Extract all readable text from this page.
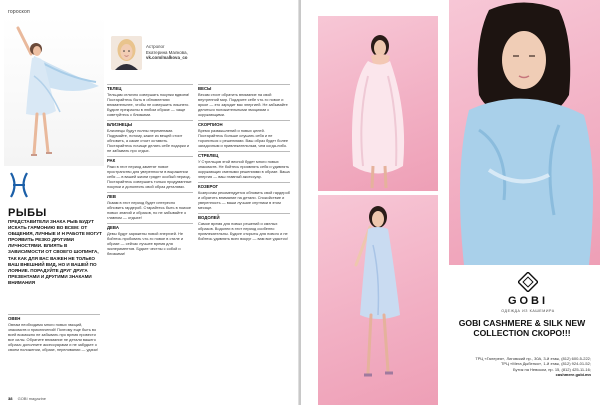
гороскоп
Астролог
Екатерина Малкова,
vk.com/malkova_co
РЫБЫ
ПРЕДСТАВИТЕЛИ ЗНАКА РЫБ БУДУТ ИСКАТЬ ГАРМОНИЮ ВО ВСЕМ: ОТ ОБЩЕНИЯ, ЛИЧНЫЕ И Н РАБОТЕ МОГУТ ПРОЯВИТЬ РЕЗКО ДРУГИМИ ЛИЧНОСТЯМИ. ВЛИЯТЬ В ЗАВИСИМОСТИ ОТ СВОЕГО ШОПИНГА, ТАК КАК ДЛЯ ВАС ВАЖЕН НЕ ТОЛЬКО ВАШ ВНЕШНИЙ ВИД, НО И ВАШЕЙ ПО ЛОЯНИЕ. ПОРАДУЙТЕ ДРУГ ДРУГА ПРЕЗЕНТАМИ И ДРУГИМИ ЗНАКАМИ ВНИМАНИЯ
ОВЕН
Овнам необходимо много новых эмоций, знакомств и приключений! Поэтому еще быть во всей возможно не забывать про время провести все силы. Обратите внимание не детали вашего образа: дополните аксессуарами и не забудьте о своем положении, образе, переливании — удачи!
ТЕЛЕЦ
Тельцам отлично совершать покупки вдвоем! Постарайтесь быть в обновлениях внимательнее, чтобы не совершить лишнего. Будьте прекрасны в любом образе — чаще советуйтесь с близкими.
БЛИЗНЕЦЫ
Близнецы будут полны переменами. Подумайте, потому, какие из вещей стоит обновить, а какие стоит оставить. Постарайтесь почаще делать себе подарки и не забывать про отдых.
РАК
Раки в этот период заметят новое пространство для уверенности в выражении себя — в вашей жизни грядет особый период. Постарайтесь совершать только продуманные покупки и дополнять свой образ деталями.
ЛЕВ
Львам в этот период будет интересно обновить гардероб. Старайтесь быть в поиске новых знаний и образов, но не забывайте о главном — отдыхе!
ДЕВА
Девы будут заряжены новой энергией. Не бойтесь пробовать что-то новое в стиле и образе — сейчас лучшее время для экспериментов. Будьте честны с собой и близкими!
ВЕСЫ
Весам стоит обратить внимание на свой внутренний мир. Подарите себе что-то новое и яркое — это зарядит вас энергией. Не забывайте делиться положительными эмоциями с окружающими.
СКОРПИОН
Время размышлений и новых целей. Постарайтесь больше слушать себя и не торопиться с решениями. Ваш образ будет более загадочным и привлекательным, чем когда-либо.
СТРЕЛЕЦ
У Стрельцов этой весной будет много новых знакомств. Не бойтесь проявлять себя и удивлять окружающих смелыми решениями в образе. Ваша энергия — ваш главный аксессуар.
КОЗЕРОГ
Козерогам рекомендуется обновить свой гардероб и обратить внимание на детали. Спокойствие и уверенность — ваши лучшие спутники в этом месяце.
ВОДОЛЕЙ
Самое время для новых решений и смелых образов. Водолеи в этот период особенно привлекательны. Будьте открыты для нового и не бойтесь удивлять всех вокруг — вам все удастся!
38 GOBI magazine
GOBI
ОДЕЖДА ИЗ КАШЕМИРА
GOBI CASHMERE & SILK NEW COLLECTION СКОРО!!!
ТРЦ «Галерея», Лиговский пр., 30А, 3-й этаж, (812) 600-5-222;
ТРЦ «Мега Дыбенко», 1-й этаж, (812) 924-01-52;
Бутик на Невском, пр. 15, (812) 425-11-16;
cashmere.gobi.mn
